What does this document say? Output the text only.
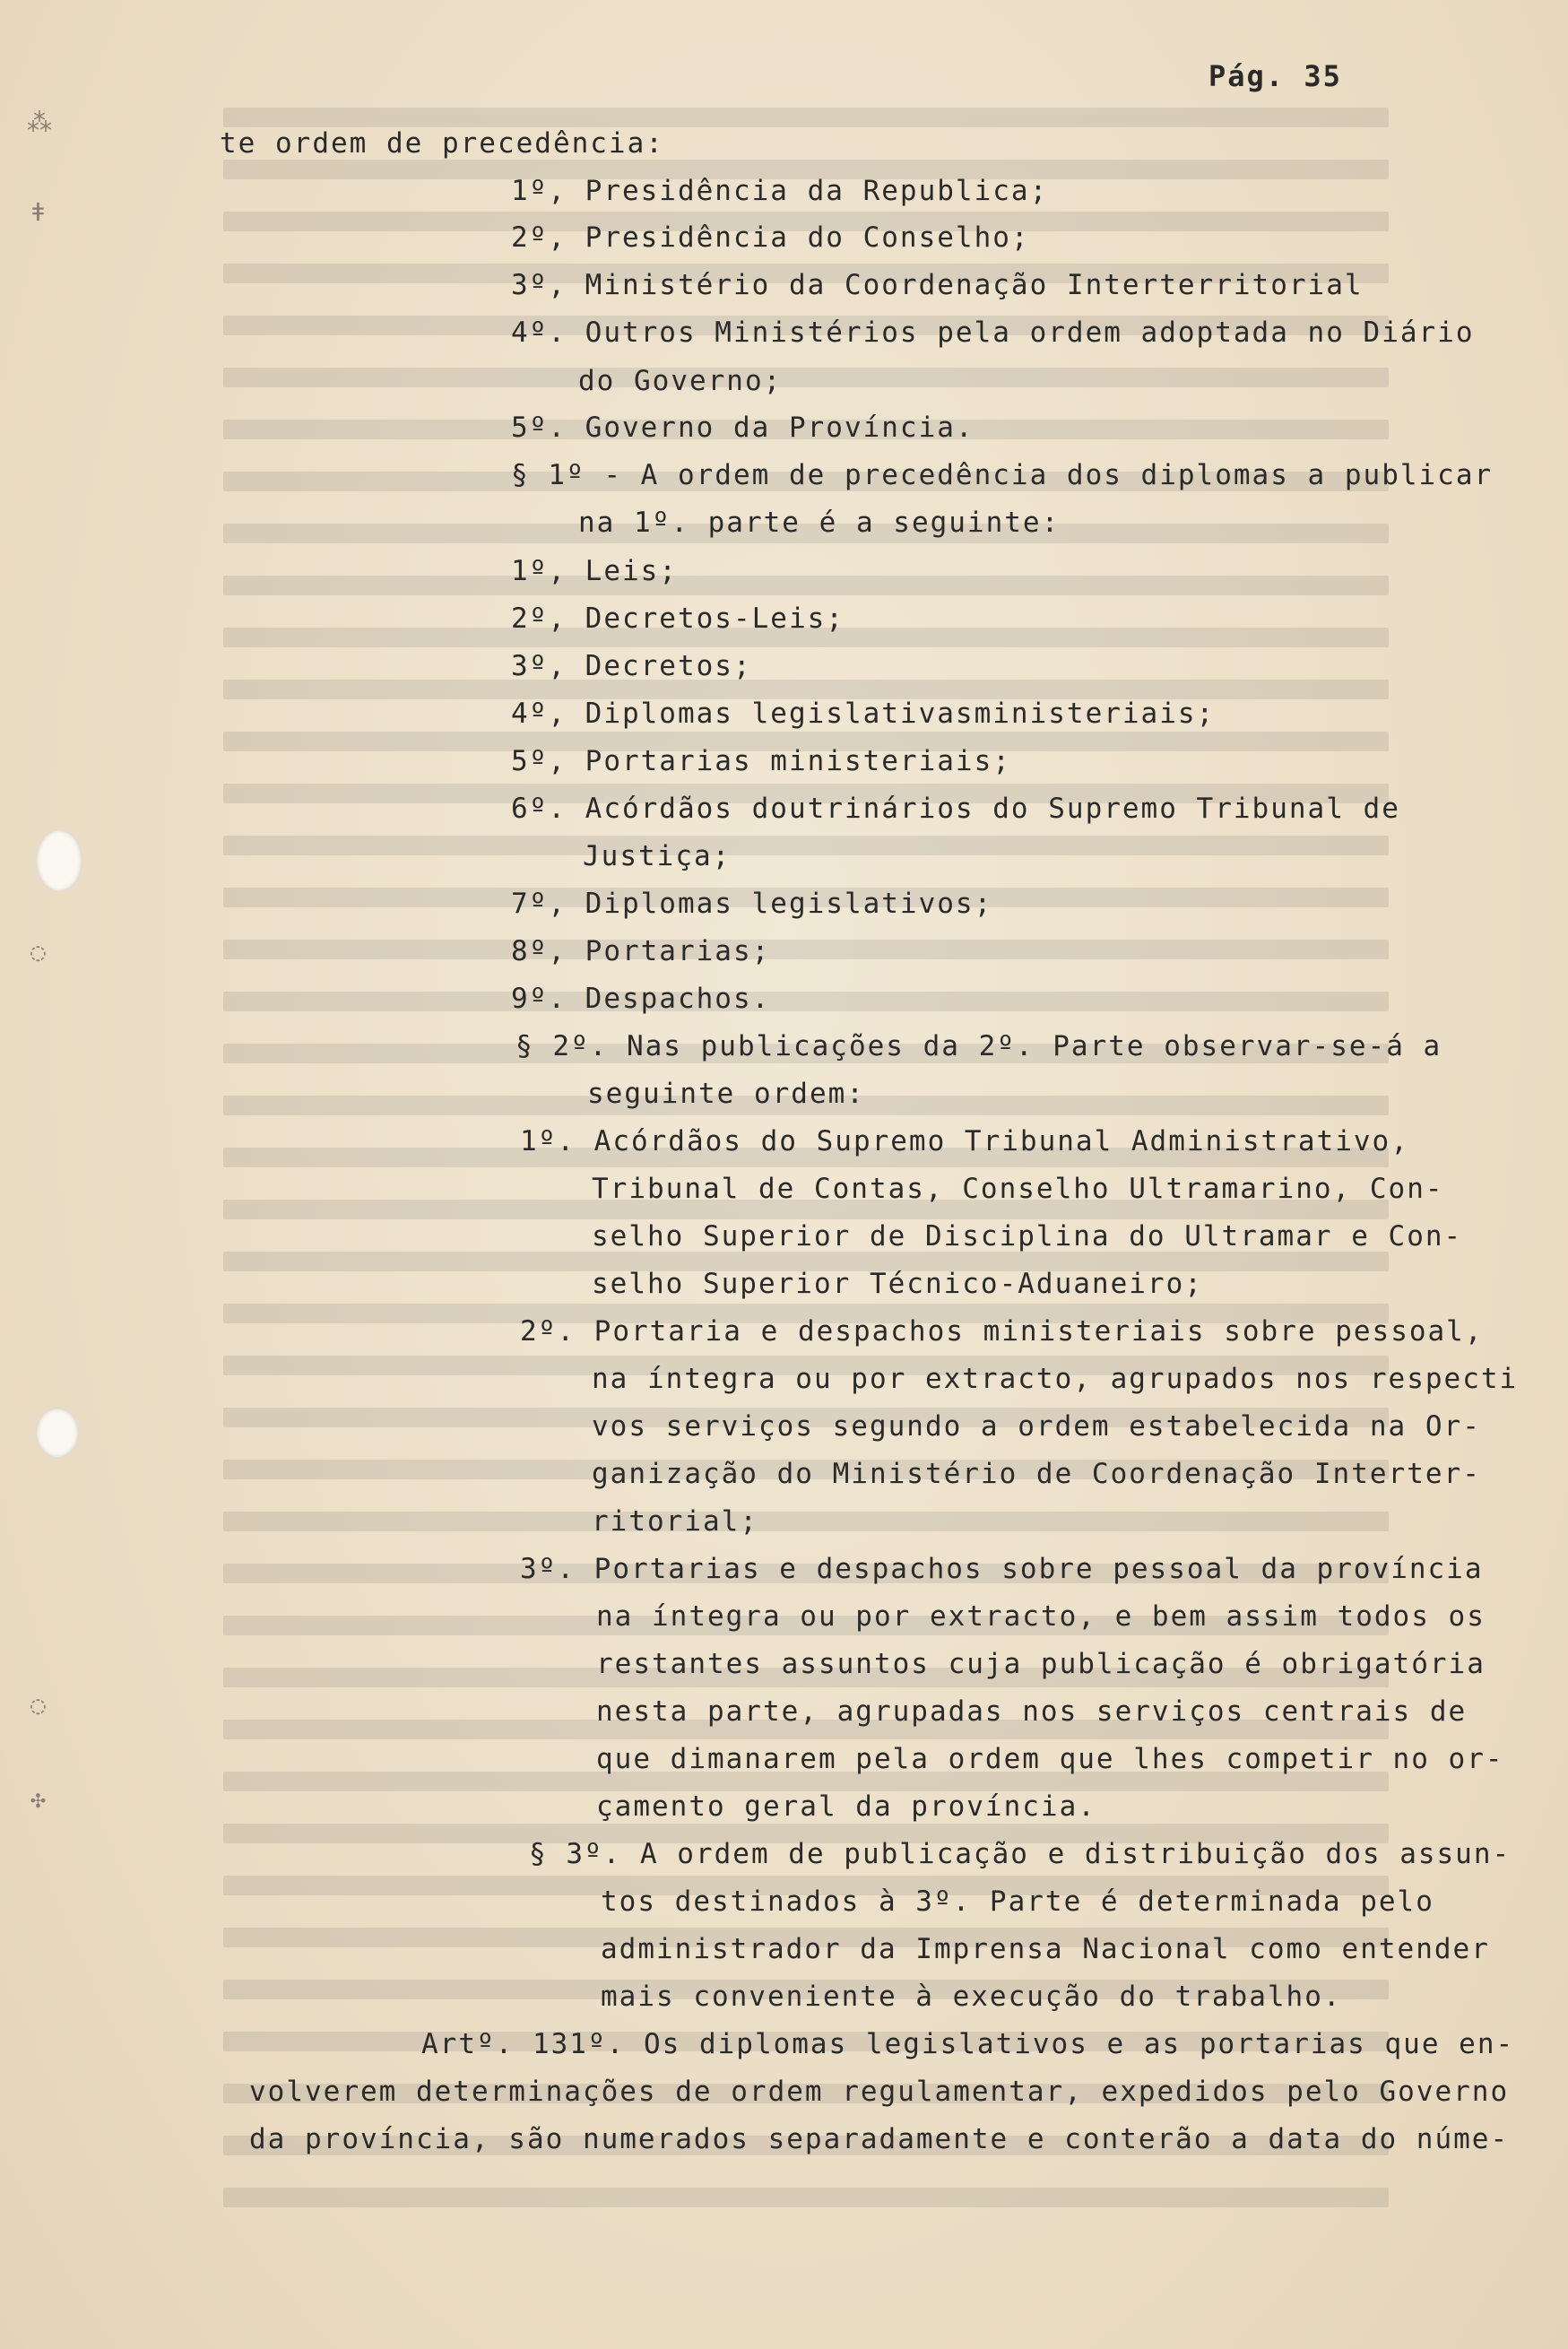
⁂
ǂ
◌
◌
✣
Pág. 35
te ordem de precedência:
1º, Presidência da Republica;
2º, Presidência do Conselho;
3º, Ministério da Coordenação Interterritorial
4º. Outros Ministérios pela ordem adoptada no Diário
do Governo;
5º. Governo da Província.
§ 1º - A ordem de precedência dos diplomas a publicar
na 1º. parte é a seguinte:
1º, Leis;
2º, Decretos-Leis;
3º, Decretos;
4º, Diplomas legislativasministeriais;
5º, Portarias ministeriais;
6º. Acórdãos doutrinários do Supremo Tribunal de
Justiça;
7º, Diplomas legislativos;
8º, Portarias;
9º. Despachos.
§ 2º. Nas publicações da 2º. Parte observar-se-á a
seguinte ordem:
1º. Acórdãos do Supremo Tribunal Administrativo,
Tribunal de Contas, Conselho Ultramarino, Con-
selho Superior de Disciplina do Ultramar e Con-
selho Superior Técnico-Aduaneiro;
2º. Portaria e despachos ministeriais sobre pessoal,
na íntegra ou por extracto, agrupados nos respecti
vos serviços segundo a ordem estabelecida na Or-
ganização do Ministério de Coordenação Interter-
ritorial;
3º. Portarias e despachos sobre pessoal da província
na íntegra ou por extracto, e bem assim todos os
restantes assuntos cuja publicação é obrigatória
nesta parte, agrupadas nos serviços centrais de
que dimanarem pela ordem que lhes competir no or-
çamento geral da província.
§ 3º. A ordem de publicação e distribuição dos assun-
tos destinados à 3º. Parte é determinada pelo
administrador da Imprensa Nacional como entender
mais conveniente à execução do trabalho.
Artº. 131º. Os diplomas legislativos e as portarias que en-
volverem determinações de ordem regulamentar, expedidos pelo Governo
da província, são numerados separadamente e conterão a data do núme-
